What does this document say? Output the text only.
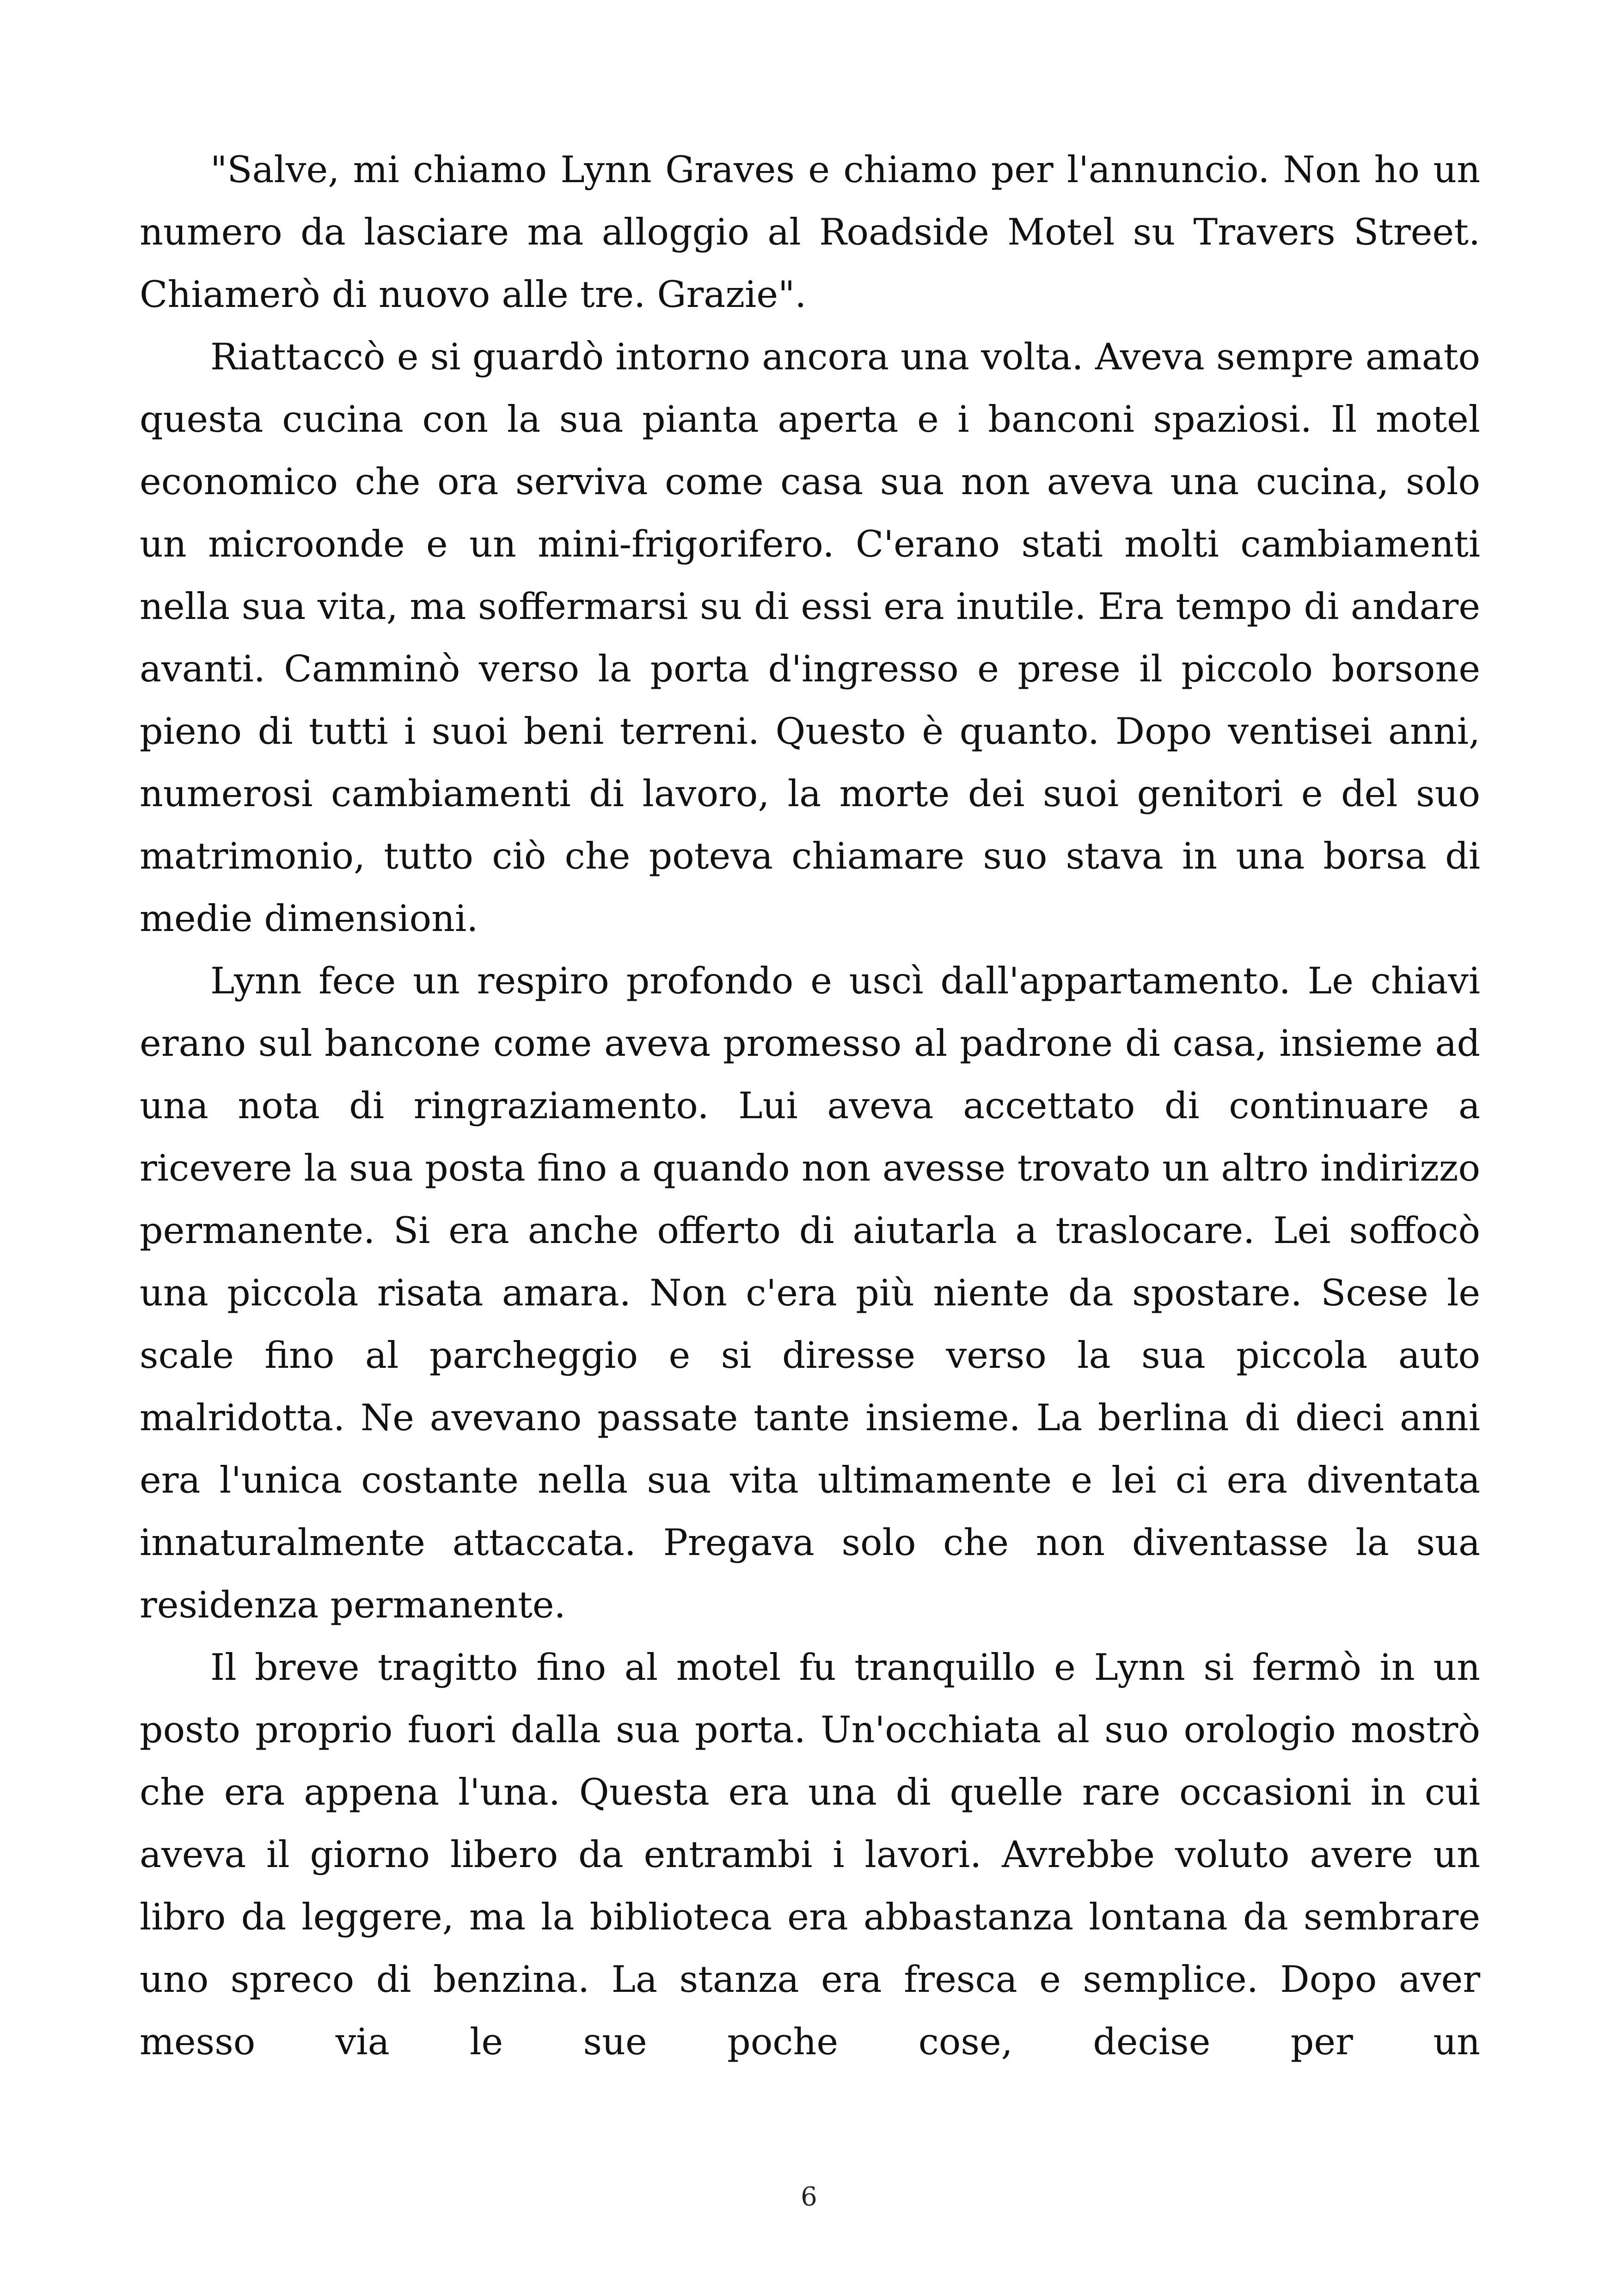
"Salve, mi chiamo Lynn Graves e chiamo per l'annuncio. Non ho un numero da lasciare ma alloggio al Roadside Motel su Travers Street. Chiamerò di nuovo alle tre. Grazie".

Riattaccò e si guardò intorno ancora una volta. Aveva sempre amato questa cucina con la sua pianta aperta e i banconi spaziosi. Il motel economico che ora serviva come casa sua non aveva una cucina, solo un microonde e un mini-frigorifero. C'erano stati molti cambiamenti nella sua vita, ma soffermarsi su di essi era inutile. Era tempo di andare avanti. Camminò verso la porta d'ingresso e prese il piccolo borsone pieno di tutti i suoi beni terreni. Questo è quanto. Dopo ventisei anni, numerosi cambiamenti di lavoro, la morte dei suoi genitori e del suo matrimonio, tutto ciò che poteva chiamare suo stava in una borsa di medie dimensioni.

Lynn fece un respiro profondo e uscì dall'appartamento. Le chiavi erano sul bancone come aveva promesso al padrone di casa, insieme ad una nota di ringraziamento. Lui aveva accettato di continuare a ricevere la sua posta fino a quando non avesse trovato un altro indirizzo permanente. Si era anche offerto di aiutarla a traslocare. Lei soffocò una piccola risata amara. Non c'era più niente da spostare. Scese le scale fino al parcheggio e si diresse verso la sua piccola auto malridotta. Ne avevano passate tante insieme. La berlina di dieci anni era l'unica costante nella sua vita ultimamente e lei ci era diventata innaturalmente attaccata. Pregava solo che non diventasse la sua residenza permanente.

Il breve tragitto fino al motel fu tranquillo e Lynn si fermò in un posto proprio fuori dalla sua porta. Un'occhiata al suo orologio mostrò che era appena l'una. Questa era una di quelle rare occasioni in cui aveva il giorno libero da entrambi i lavori. Avrebbe voluto avere un libro da leggere, ma la biblioteca era abbastanza lontana da sembrare uno spreco di benzina. La stanza era fresca e semplice. Dopo aver messo via le sue poche cose, decise per un

6
